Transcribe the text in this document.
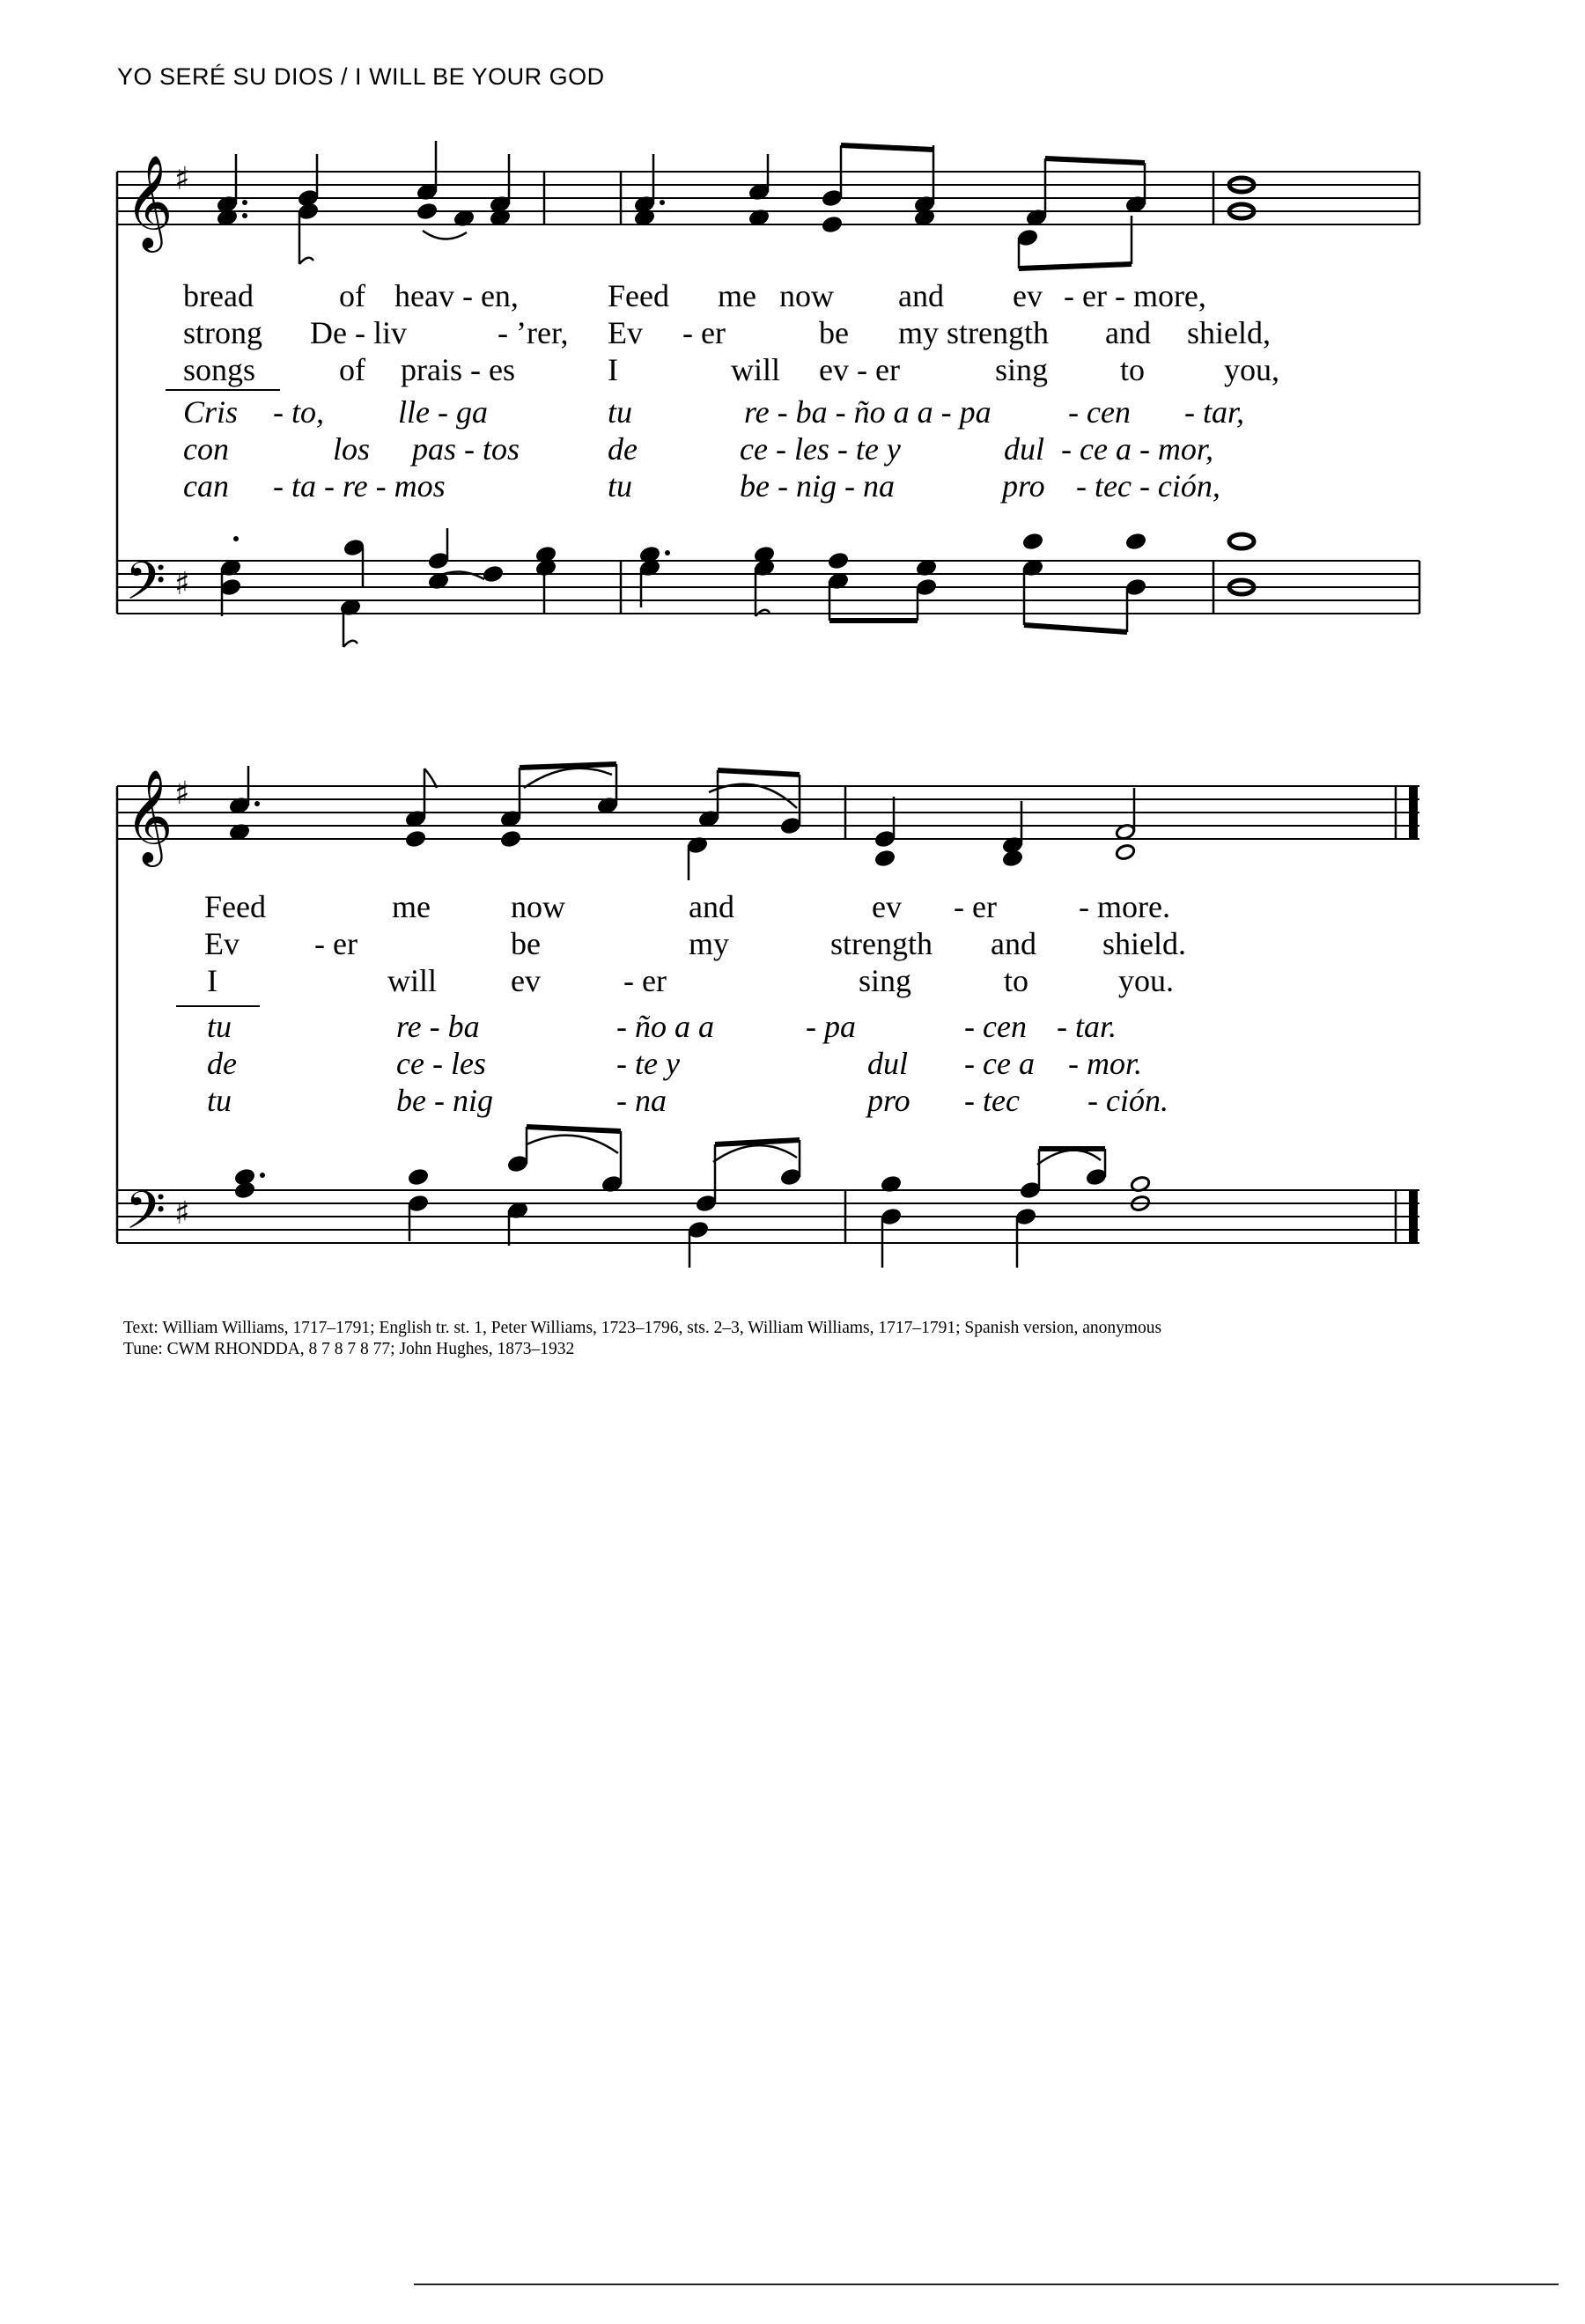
YO SERÉ SU DIOS / I WILL BE YOUR GOD
𝄞 ♯
𝄢 ♯
bread	of heav - en,	Feed me now and ev - er - more,
strong De - liv	- ’rer, Ev - er	be my strength and shield,
songs	of prais - es	I	will ev - er	sing to you,
Cris - to, lle - ga	tu	re - ba - ño a a - pa - cen - tar,
con	los pas - tos	de	ce - les - te y	dul - ce a - mor,
can - ta - re - mos	tu	be - nig - na	pro - tec - ción,
𝄞 ♯
𝄢 ♯
Feed	me	now	and	ev - er	- more.
Ev - er	be	my	strength and shield.
I	will ev	- er	sing	to	you.
tu	re - ba	- ño a a	- pa	- cen - tar.
de	ce - les	- te y	dul - ce a - mor.
tu	be - nig	- na	pro - tec - ción.
Text: William Williams, 1717–1791; English tr. st. 1, Peter Williams, 1723–1796, sts. 2–3, William Williams, 1717–1791; Spanish version, anonymous
Tune: CWM RHONDDA, 8 7 8 7 8 77; John Hughes, 1873–1932
